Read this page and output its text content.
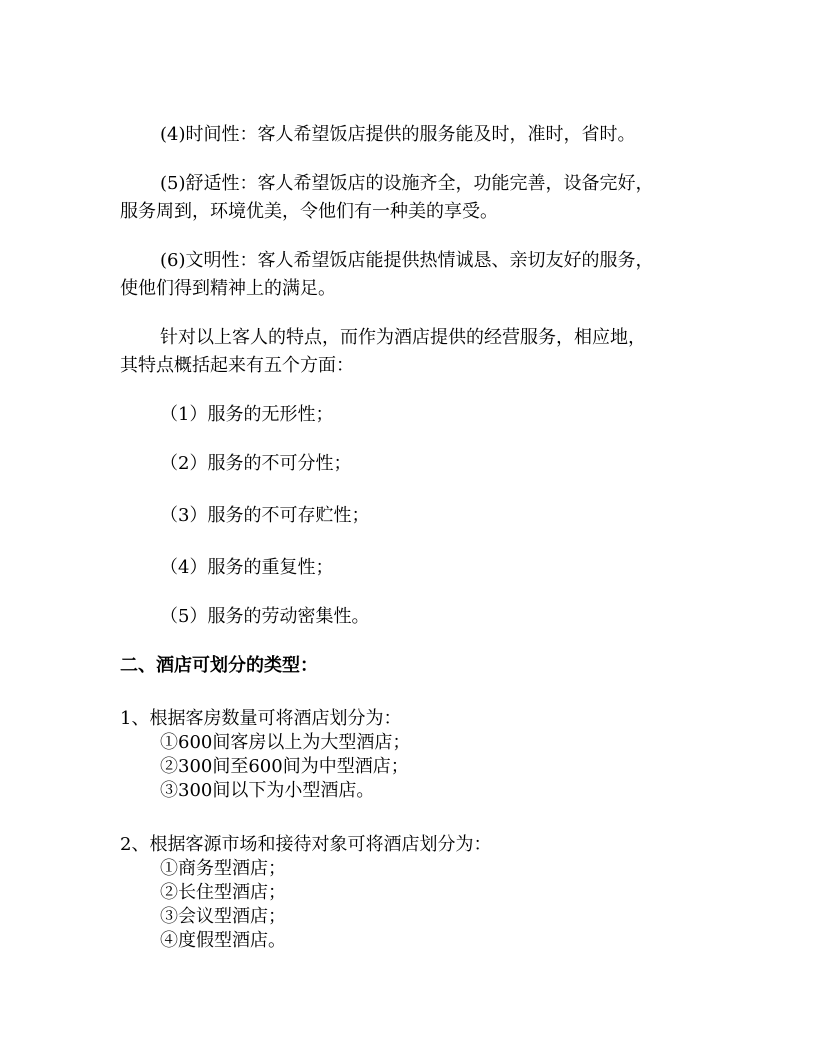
(4)时间性：客人希望饭店提供的服务能及时，准时，省时。
(5)舒适性：客人希望饭店的设施齐全，功能完善，设备完好，
服务周到，环境优美，令他们有一种美的享受。
(6)文明性：客人希望饭店能提供热情诚恳、亲切友好的服务，
使他们得到精神上的满足。
针对以上客人的特点，而作为酒店提供的经营服务，相应地，
其特点概括起来有五个方面：
（1）服务的无形性；
（2）服务的不可分性；
（3）服务的不可存贮性；
（4）服务的重复性；
（5）服务的劳动密集性。
二、酒店可划分的类型：
1、根据客房数量可将酒店划分为：
①600间客房以上为大型酒店；
②300间至600间为中型酒店；
③300间以下为小型酒店。
2、根据客源市场和接待对象可将酒店划分为：
①商务型酒店；
②长住型酒店；
③会议型酒店；
④度假型酒店。
